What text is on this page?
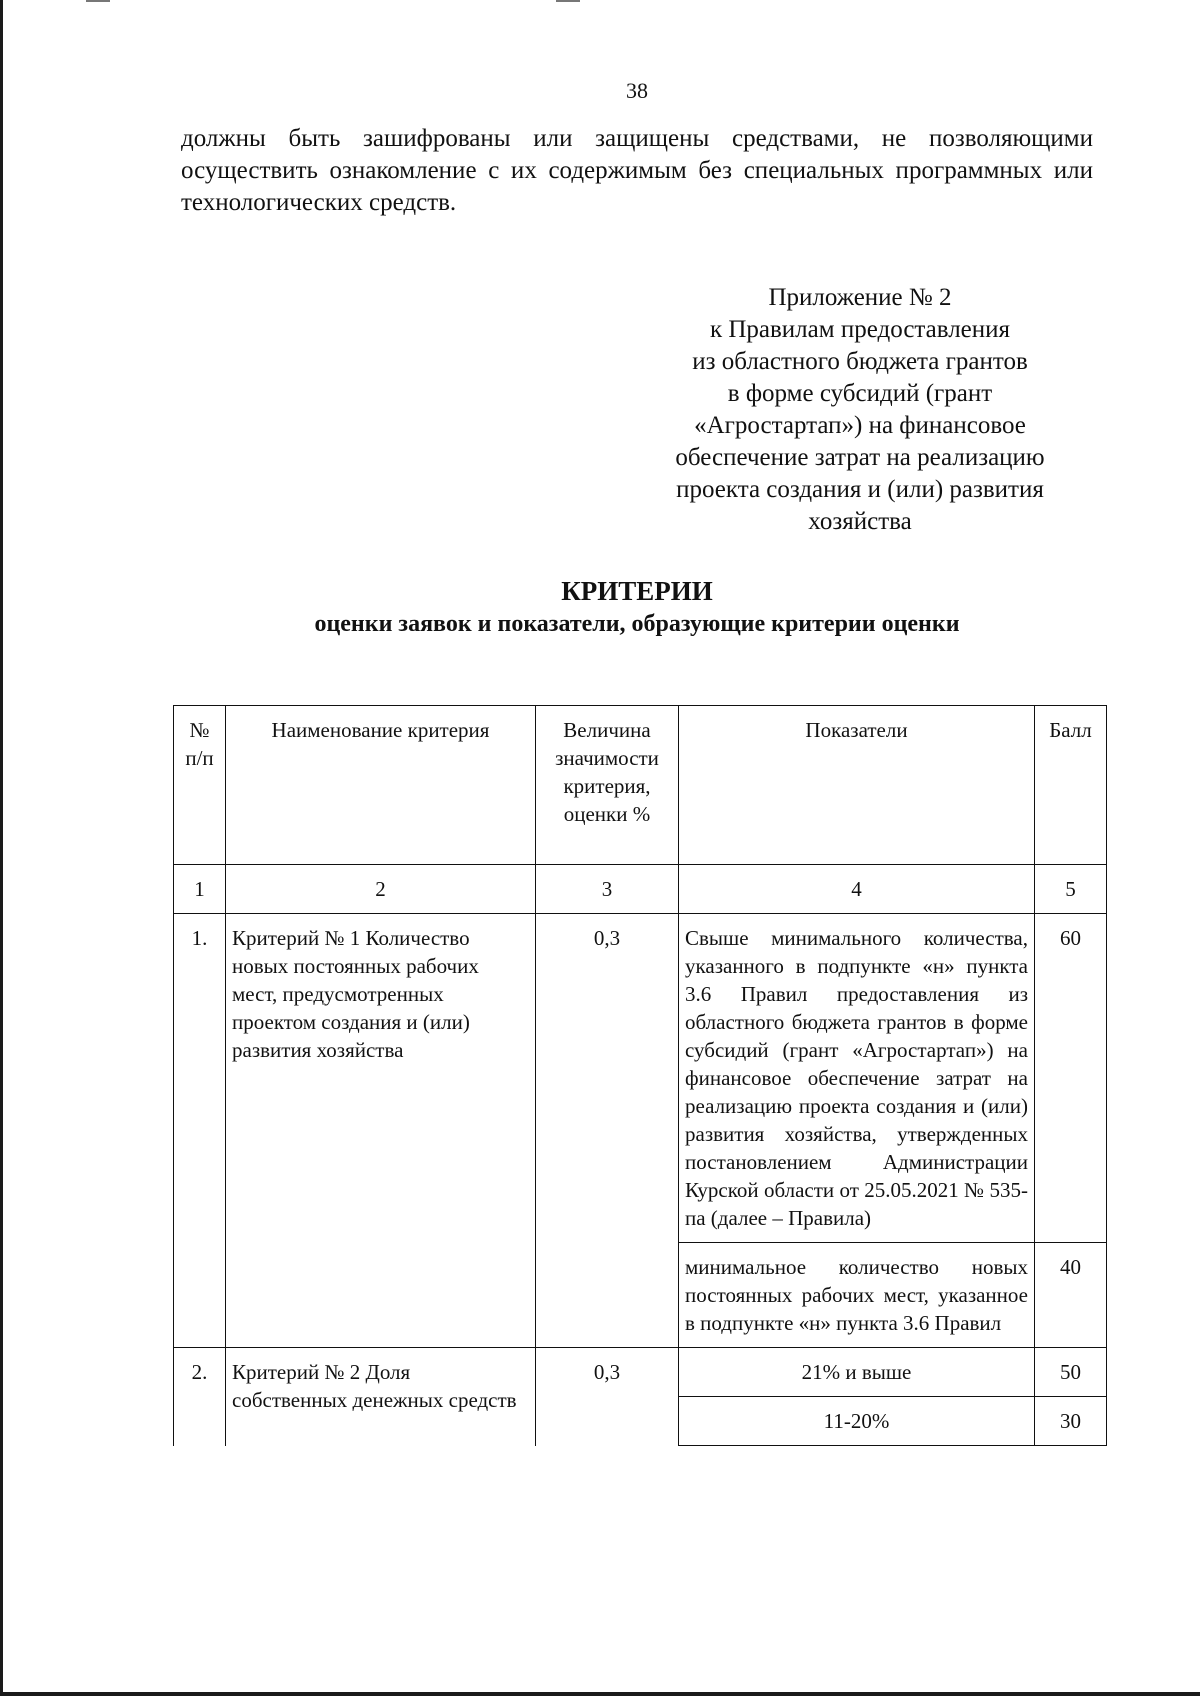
38

должны быть зашифрованы или защищены средствами, не позволяющими осуществить ознакомление с их содержимым без специальных программных или технологических средств.

Приложение № 2
к Правилам предоставления
из областного бюджета грантов
в форме субсидий (грант
«Агростартап») на финансовое
обеспечение затрат на реализацию
проекта создания и (или) развития
хозяйства
КРИТЕРИИ
оценки заявок и показатели, образующие критерии оценки
№ п/п	Наименование критерия	Величина значимости критерия, оценки %	Показатели	Балл
1	2	3	4	5
1.	Критерий № 1 Количество новых постоянных рабочих мест, предусмотренных проектом создания и (или) развития хозяйства	0,3	Свыше минимального количества, указанного в подпункте «н» пункта 3.6 Правил предоставления из областного бюджета грантов в форме субсидий (грант «Агростартап») на финансовое обеспечение затрат на реализацию проекта создания и (или) развития хозяйства, утвержденных постановлением Администрации Курской области от 25.05.2021 № 535-па (далее – Правила)	60
			минимальное количество новых постоянных рабочих мест, указанное в подпункте «н» пункта 3.6 Правил	40
2.	Критерий № 2 Доля собственных денежных средств	0,3	21% и выше	50
			11-20%	30
